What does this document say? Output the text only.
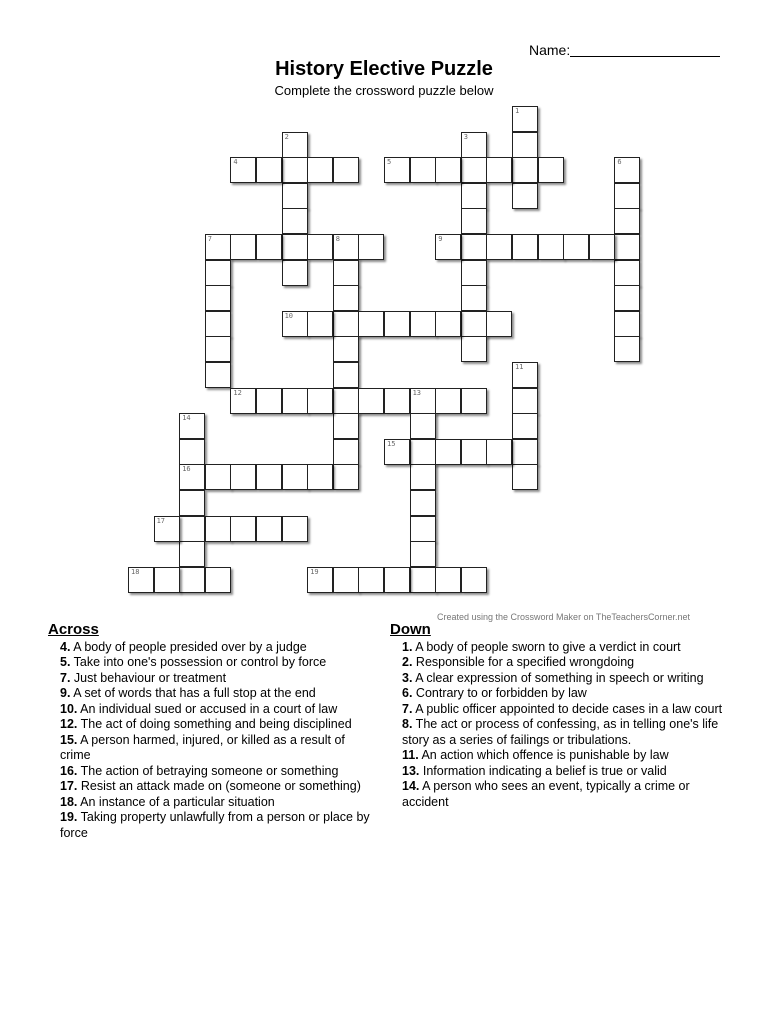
Name:
History Elective Puzzle
Complete the crossword puzzle below
1
2	3
4	5	6
7	8	9
10
11
12	13
14
16
15
17
18	19
Created using the Crossword Maker on TheTeachersCorner.net
Across
4. A body of people presided over by a judge
5. Take into one's possession or control by force
7. Just behaviour or treatment
9. A set of words that has a full stop at the end
10. An individual sued or accused in a court of law
12. The act of doing something and being disciplined
15. A person harmed, injured, or killed as a result of crime
16. The action of betraying someone or something
17. Resist an attack made on (someone or something)
18. An instance of a particular situation
19. Taking property unlawfully from a person or place by force
Down
1. A body of people sworn to give a verdict in court
2. Responsible for a specified wrongdoing
3. A clear expression of something in speech or writing
6. Contrary to or forbidden by law
7. A public officer appointed to decide cases in a law court
8. The act or process of confessing, as in telling one's life story as a series of failings or tribulations.
11. An action which offence is punishable by law
13. Information indicating a belief is true or valid
14. A person who sees an event, typically a crime or accident
